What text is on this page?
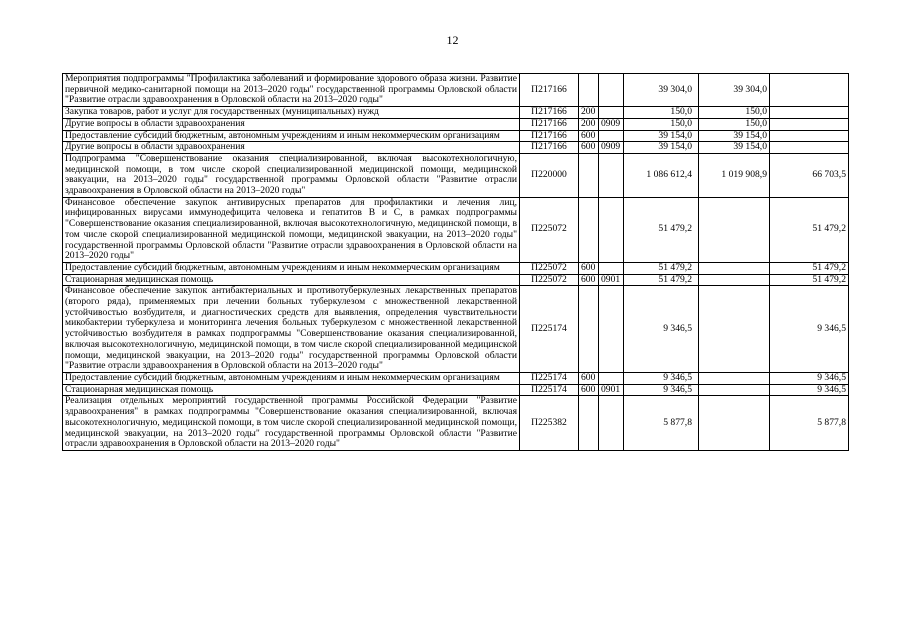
12
Мероприятия подпрограммы "Профилактика заболеваний и формирование здорового образа жизни. Развитие первичной медико-санитарной помощи на 2013–2020 годы" государственной программы Орловской области "Развитие отрасли здравоохранения в Орловской области на 2013–2020 годы"	П217166			39 304,0	39 304,0	
Закупка товаров, работ и услуг для государственных (муниципальных) нужд	П217166	200		150,0	150,0	
Другие вопросы в области здравоохранения	П217166	200	0909	150,0	150,0	
Предоставление субсидий бюджетным, автономным учреждениям и иным некоммерческим организациям	П217166	600		39 154,0	39 154,0	
Другие вопросы в области здравоохранения	П217166	600	0909	39 154,0	39 154,0	
Подпрограмма "Совершенствование оказания специализированной, включая высокотехнологичную, медицинской помощи, в том числе скорой специализированной медицинской помощи, медицинской эвакуации, на 2013–2020 годы" государственной программы Орловской области "Развитие отрасли здравоохранения в Орловской области на 2013–2020 годы"	П220000			1 086 612,4	1 019 908,9	66 703,5
Финансовое обеспечение закупок антивирусных препаратов для профилактики и лечения лиц, инфицированных вирусами иммунодефицита человека и гепатитов В и С, в рамках подпрограммы "Совершенствование оказания специализированной, включая высокотехнологичную, медицинской помощи, в том числе скорой специализированной медицинской помощи, медицинской эвакуации, на 2013–2020 годы" государственной программы Орловской области "Развитие отрасли здравоохранения в Орловской области на 2013–2020 годы"	П225072			51 479,2		51 479,2
Предоставление субсидий бюджетным, автономным учреждениям и иным некоммерческим организациям	П225072	600		51 479,2		51 479,2
Стационарная медицинская помощь	П225072	600	0901	51 479,2		51 479,2
Финансовое обеспечение закупок антибактериальных и противотуберкулезных лекарственных препаратов (второго ряда), применяемых при лечении больных туберкулезом с множественной лекарственной устойчивостью возбудителя, и диагностических средств для выявления, определения чувствительности микобактерии туберкулеза и мониторинга лечения больных туберкулезом с множественной лекарственной устойчивостью возбудителя в рамках подпрограммы "Совершенствование оказания специализированной, включая высокотехнологичную, медицинской помощи, в том числе скорой специализированной медицинской помощи, медицинской эвакуации, на 2013–2020 годы" государственной программы Орловской области "Развитие отрасли здравоохранения в Орловской области на 2013–2020 годы"	П225174			9 346,5		9 346,5
Предоставление субсидий бюджетным, автономным учреждениям и иным некоммерческим организациям	П225174	600		9 346,5		9 346,5
Стационарная медицинская помощь	П225174	600	0901	9 346,5		9 346,5
Реализация отдельных мероприятий государственной программы Российской Федерации "Развитие здравоохранения" в рамках подпрограммы "Совершенствование оказания специализированной, включая высокотехнологичную, медицинской помощи, в том числе скорой специализированной медицинской помощи, медицинской эвакуации, на 2013–2020 годы" государственной программы Орловской области "Развитие отрасли здравоохранения в Орловской области на 2013–2020 годы"	П225382			5 877,8		5 877,8
